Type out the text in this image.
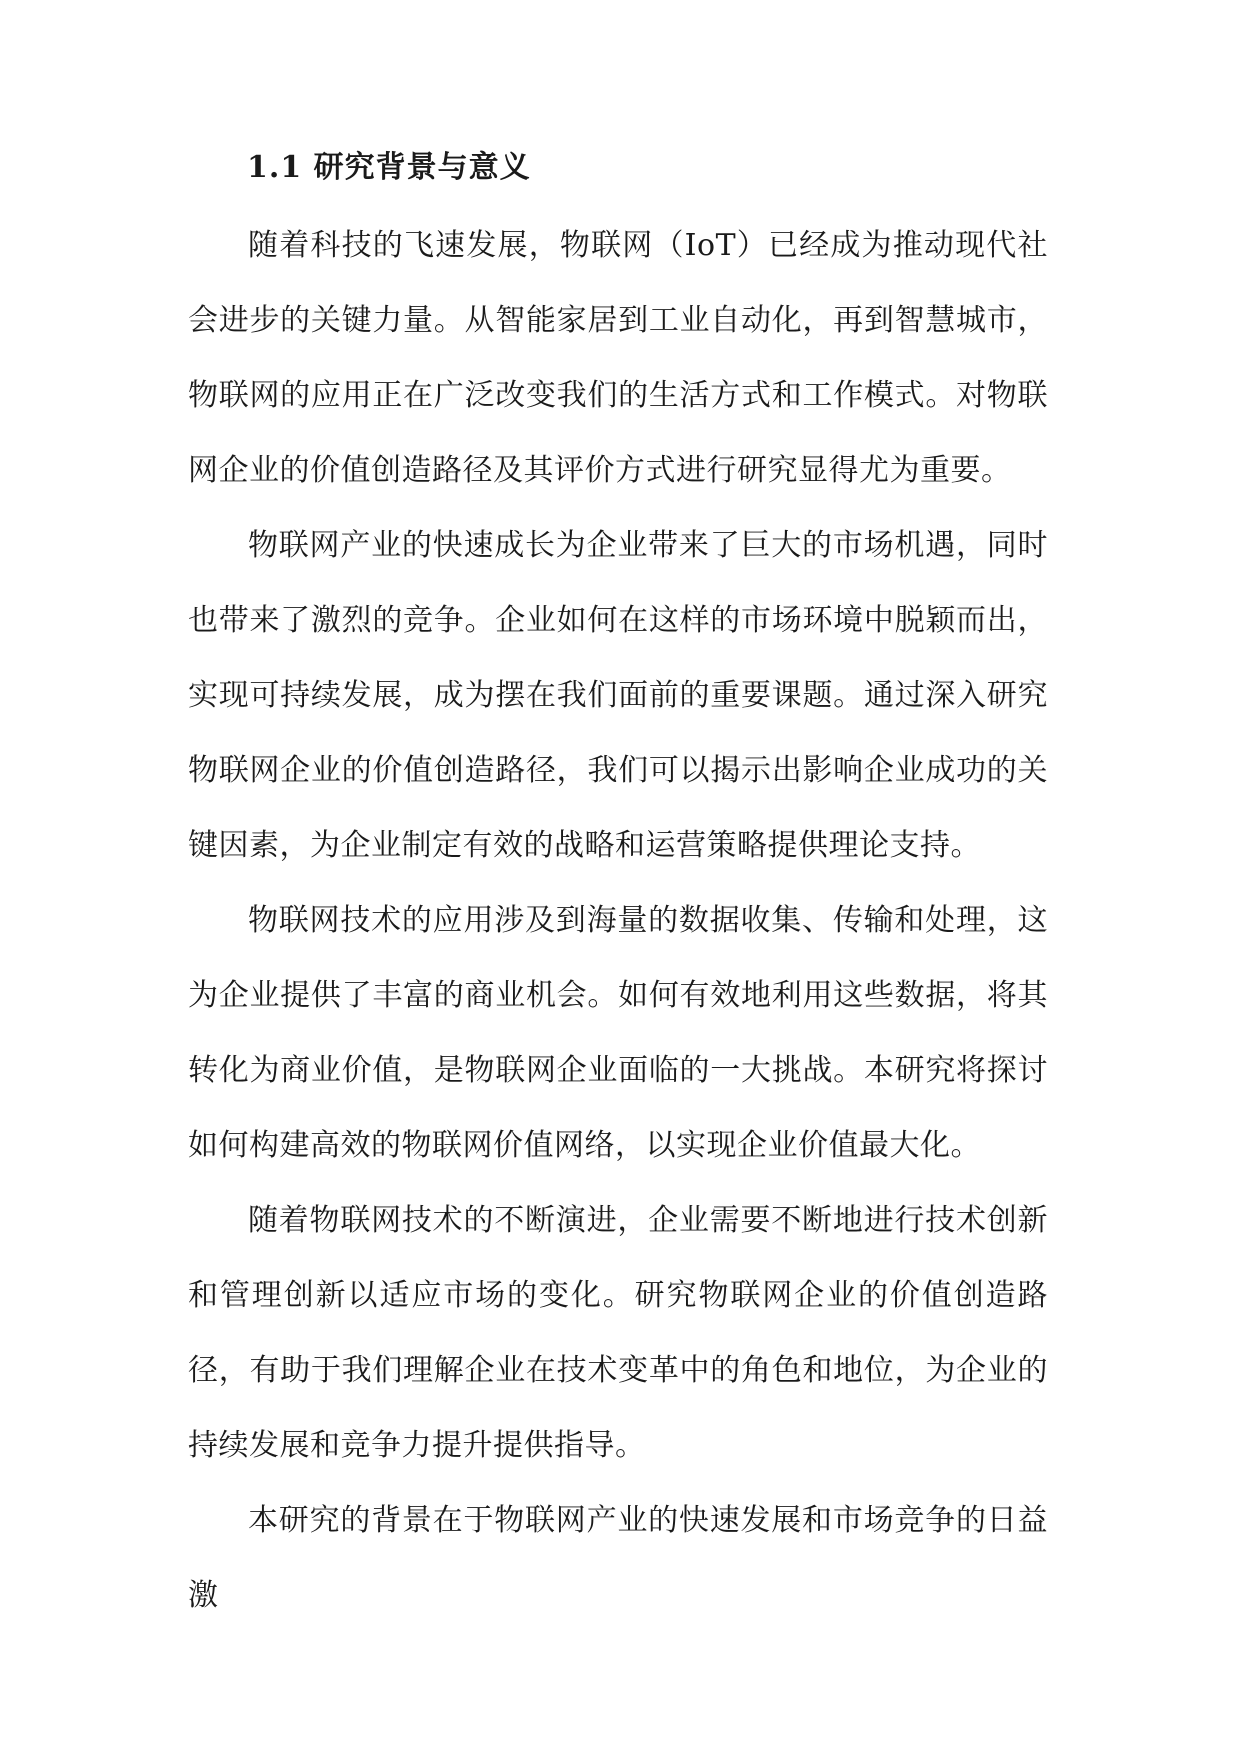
1.1 研究背景与意义

随着科技的飞速发展，物联网（IoT）已经成为推动现代社会进步的关键力量。从智能家居到工业自动化，再到智慧城市，物联网的应用正在广泛改变我们的生活方式和工作模式。对物联网企业的价值创造路径及其评价方式进行研究显得尤为重要。

物联网产业的快速成长为企业带来了巨大的市场机遇，同时也带来了激烈的竞争。企业如何在这样的市场环境中脱颖而出，实现可持续发展，成为摆在我们面前的重要课题。通过深入研究物联网企业的价值创造路径，我们可以揭示出影响企业成功的关键因素，为企业制定有效的战略和运营策略提供理论支持。

物联网技术的应用涉及到海量的数据收集、传输和处理，这为企业提供了丰富的商业机会。如何有效地利用这些数据，将其转化为商业价值，是物联网企业面临的一大挑战。本研究将探讨如何构建高效的物联网价值网络，以实现企业价值最大化。

随着物联网技术的不断演进，企业需要不断地进行技术创新和管理创新以适应市场的变化。研究物联网企业的价值创造路径，有助于我们理解企业在技术变革中的角色和地位，为企业的持续发展和竞争力提升提供指导。

本研究的背景在于物联网产业的快速发展和市场竞争的日益激
